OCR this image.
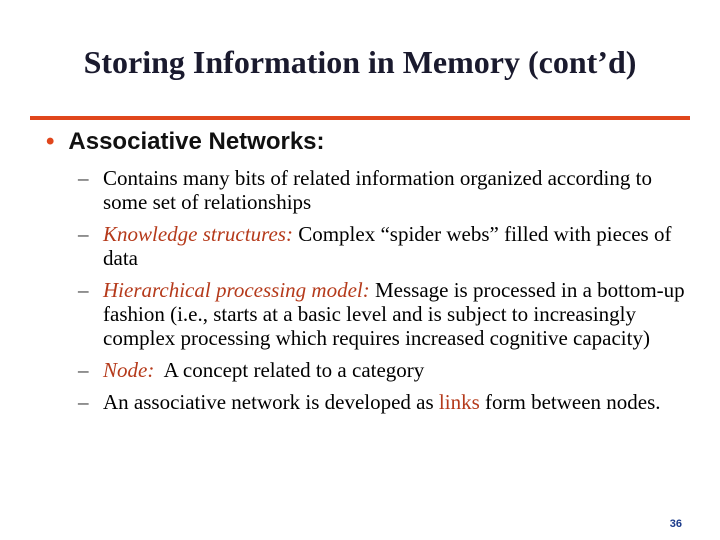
Storing Information in Memory (cont’d)
• Associative Networks:
– Contains many bits of related information organized according to some set of relationships
– Knowledge structures: Complex “spider webs” filled with pieces of data
– Hierarchical processing model: Message is processed in a bottom-up fashion (i.e., starts at a basic level and is subject to increasingly complex processing which requires increased cognitive capacity)
– Node:  A concept related to a category
– An associative network is developed as links form between nodes.
36
